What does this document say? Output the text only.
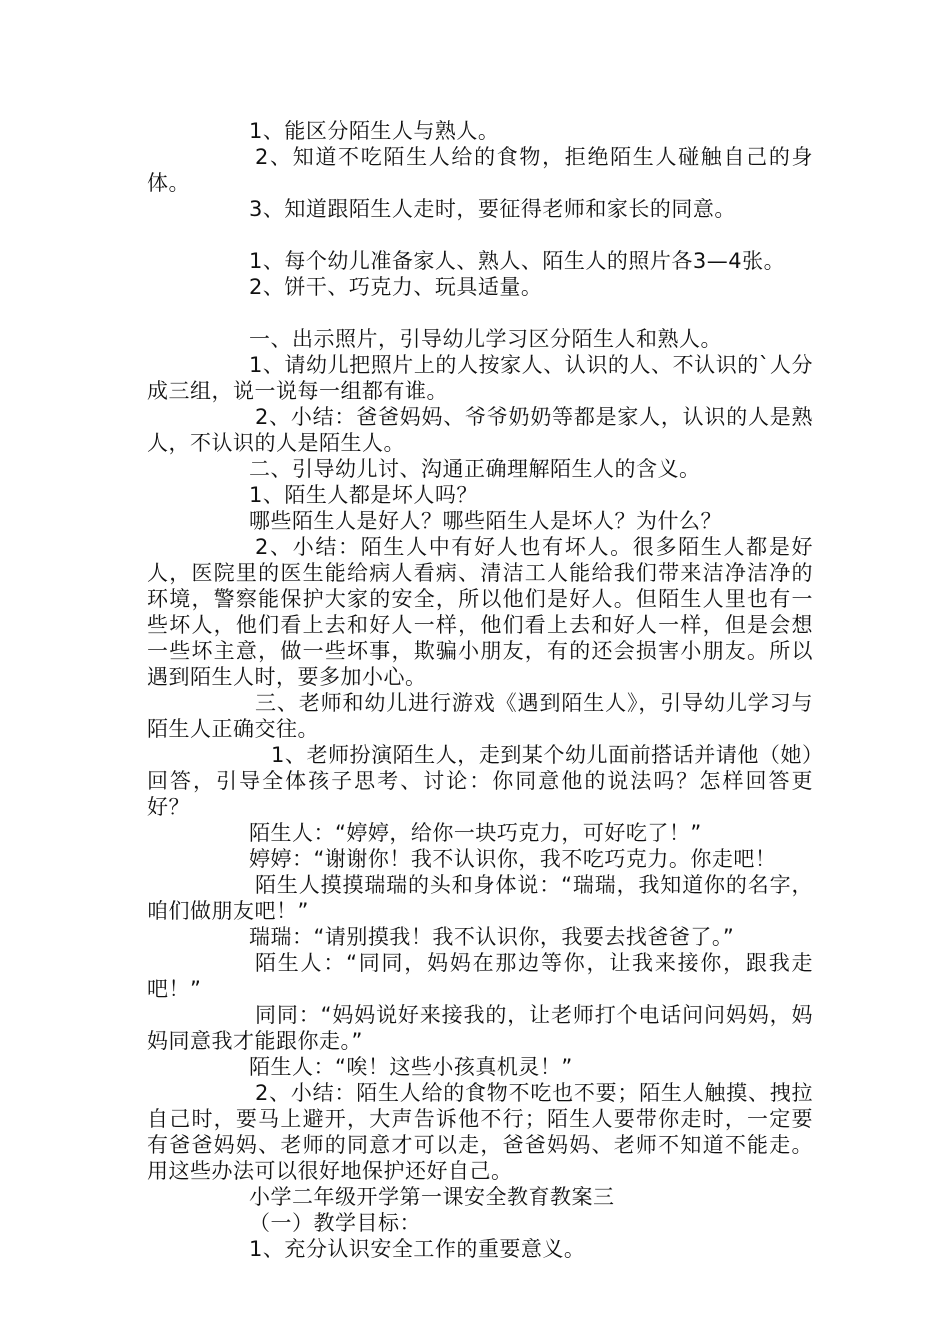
1、能区分陌生人与熟人。

2、知道不吃陌生人给的食物，拒绝陌生人碰触自己的身体。

3、知道跟陌生人走时，要征得老师和家长的同意。

1、每个幼儿准备家人、熟人、陌生人的照片各3—4张。

2、饼干、巧克力、玩具适量。

一、出示照片，引导幼儿学习区分陌生人和熟人。

1、请幼儿把照片上的人按家人、认识的人、不认识的`人分成三组，说一说每一组都有谁。

2、小结：爸爸妈妈、爷爷奶奶等都是家人，认识的人是熟人，不认识的人是陌生人。

二、引导幼儿讨、沟通正确理解陌生人的含义。

1、陌生人都是坏人吗？

哪些陌生人是好人？哪些陌生人是坏人？为什么？

2、小结：陌生人中有好人也有坏人。很多陌生人都是好人，医院里的医生能给病人看病、清洁工人能给我们带来洁净洁净的环境，警察能保护大家的安全，所以他们是好人。但陌生人里也有一些坏人，他们看上去和好人一样，他们看上去和好人一样，但是会想一些坏主意，做一些坏事，欺骗小朋友，有的还会损害小朋友。所以遇到陌生人时，要多加小心。

三、老师和幼儿进行游戏《遇到陌生人》，引导幼儿学习与陌生人正确交往。

1、老师扮演陌生人，走到某个幼儿面前搭话并请他（她）回答，引导全体孩子思考、讨论：你同意他的说法吗？怎样回答更好？

陌生人：“婷婷，给你一块巧克力，可好吃了！”

婷婷：“谢谢你！我不认识你，我不吃巧克力。你走吧！

陌生人摸摸瑞瑞的头和身体说：“瑞瑞，我知道你的名字，咱们做朋友吧！”

瑞瑞：“请别摸我！我不认识你，我要去找爸爸了。”

陌生人：“同同，妈妈在那边等你，让我来接你，跟我走吧！”

同同：“妈妈说好来接我的，让老师打个电话问问妈妈，妈妈同意我才能跟你走。”

陌生人：“唉！这些小孩真机灵！”

2、小结：陌生人给的食物不吃也不要；陌生人触摸、拽拉自己时，要马上避开，大声告诉他不行；陌生人要带你走时，一定要有爸爸妈妈、老师的同意才可以走，爸爸妈妈、老师不知道不能走。用这些办法可以很好地保护还好自己。

小学二年级开学第一课安全教育教案三

（一）教学目标：

1、充分认识安全工作的重要意义。
